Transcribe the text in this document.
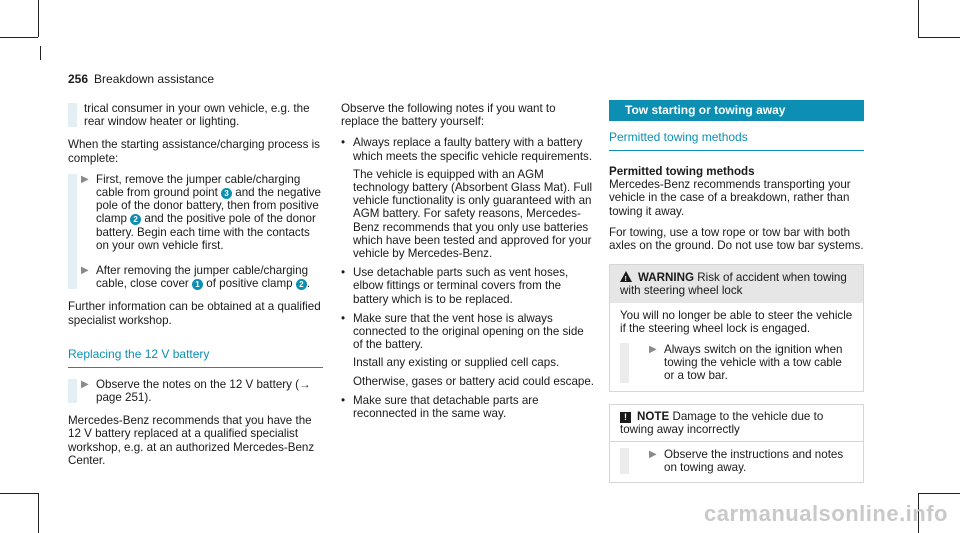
256 Breakdown assistance
trical consumer in your own vehicle, e.g. the rear window heater or lighting.

When the starting assistance/charging process is complete:

▶ First, remove the jumper cable/charging cable from ground point 3 and the negative pole of the donor battery, then from positive clamp 2 and the positive pole of the donor battery. Begin each time with the contacts on your own vehicle first.
▶ After removing the jumper cable/charging cable, close cover 1 of positive clamp 2 .

Further information can be obtained at a qualified specialist workshop.

Replacing the 12 V battery
▶ Observe the notes on the 12 V battery (→ page 251).

Mercedes-Benz recommends that you have the 12 V battery replaced at a qualified specialist workshop, e.g. at an authorized Mercedes-Benz Center.

Observe the following notes if you want to replace the battery yourself:

• Always replace a faulty battery with a battery which meets the specific vehicle requirements.
The vehicle is equipped with an AGM technology battery (Absorbent Glass Mat). Full vehicle functionality is only guaranteed with an AGM battery. For safety reasons, Mercedes-Benz recommends that you only use batteries which have been tested and approved for your vehicle by Mercedes-Benz.
• Use detachable parts such as vent hoses, elbow fittings or terminal covers from the battery which is to be replaced.
• Make sure that the vent hose is always connected to the original opening on the side of the battery.
Install any existing or supplied cell caps.
Otherwise, gases or battery acid could escape.
• Make sure that detachable parts are reconnected in the same way.
Tow starting or towing away
Permitted towing methods
Permitted towing methods

Mercedes-Benz recommends transporting your vehicle in the case of a breakdown, rather than towing it away.

For towing, use a tow rope or tow bar with both axles on the ground. Do not use tow bar systems.

!WARNING Risk of accident when towing with steering wheel lock

You will no longer be able to steer the vehicle if the steering wheel lock is engaged.

▶ Always switch on the ignition when towing the vehicle with a tow cable or a tow bar.
! NOTE Damage to the vehicle due to towing away incorrectly
▶ Observe the instructions and notes on towing away.
carmanualsonline.info
